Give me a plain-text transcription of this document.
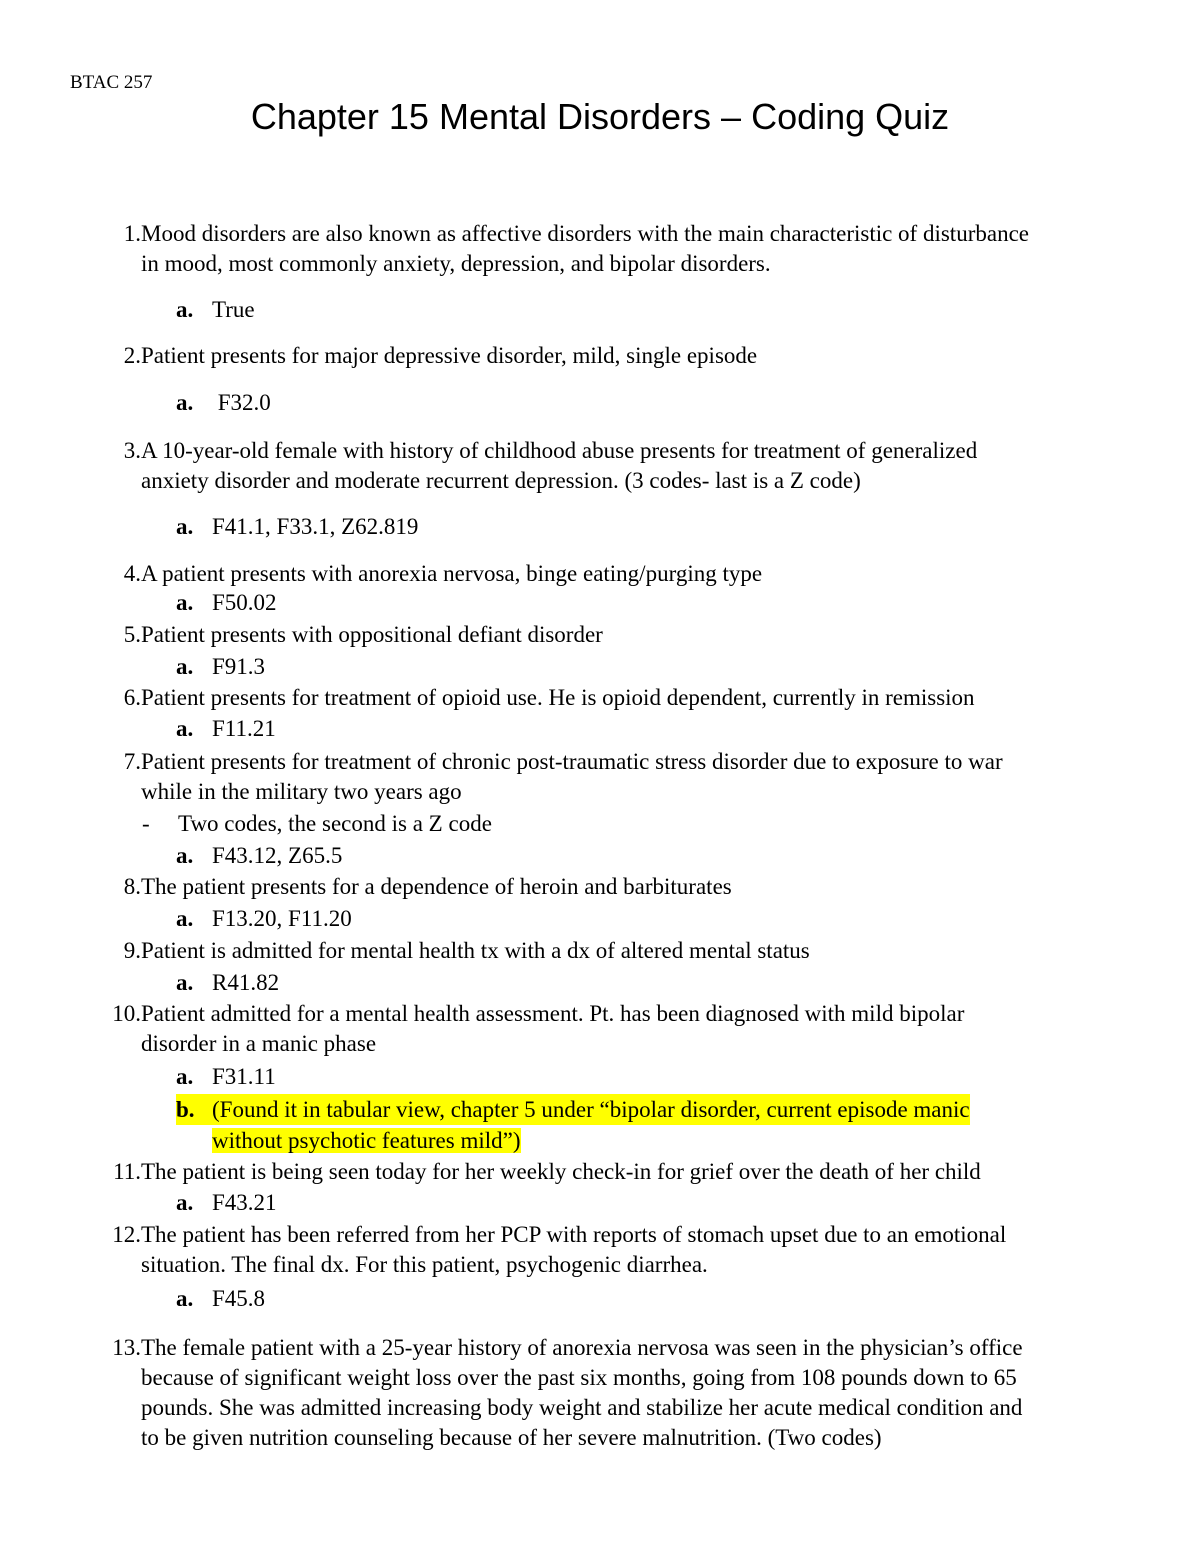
BTAC 257
Chapter 15 Mental Disorders – Coding Quiz
1. Mood disorders are also known as affective disorders with the main characteristic of disturbance
in mood, most commonly anxiety, depression, and bipolar disorders.
a. True
2. Patient presents for major depressive disorder, mild, single episode
a. F32.0
3. A 10-year-old female with history of childhood abuse presents for treatment of generalized
anxiety disorder and moderate recurrent depression. (3 codes- last is a Z code)
a. F41.1, F33.1, Z62.819
4. A patient presents with anorexia nervosa, binge eating/purging type
a. F50.02
5. Patient presents with oppositional defiant disorder
a. F91.3
6. Patient presents for treatment of opioid use. He is opioid dependent, currently in remission
a. F11.21
7. Patient presents for treatment of chronic post-traumatic stress disorder due to exposure to war
while in the military two years ago
-	Two codes, the second is a Z code
a. F43.12, Z65.5
8. The patient presents for a dependence of heroin and barbiturates
a. F13.20, F11.20
9. Patient is admitted for mental health tx with a dx of altered mental status
a. R41.82
10. Patient admitted for a mental health assessment. Pt. has been diagnosed with mild bipolar
disorder in a manic phase
a. F31.11
b. (Found it in tabular view, chapter 5 under “bipolar disorder, current episode manic
without psychotic features mild”)
11. The patient is being seen today for her weekly check-in for grief over the death of her child
a. F43.21
12. The patient has been referred from her PCP with reports of stomach upset due to an emotional
situation. The final dx. For this patient, psychogenic diarrhea.
a. F45.8
13. The female patient with a 25-year history of anorexia nervosa was seen in the physician’s office
because of significant weight loss over the past six months, going from 108 pounds down to 65
pounds. She was admitted increasing body weight and stabilize her acute medical condition and
to be given nutrition counseling because of her severe malnutrition. (Two codes)
